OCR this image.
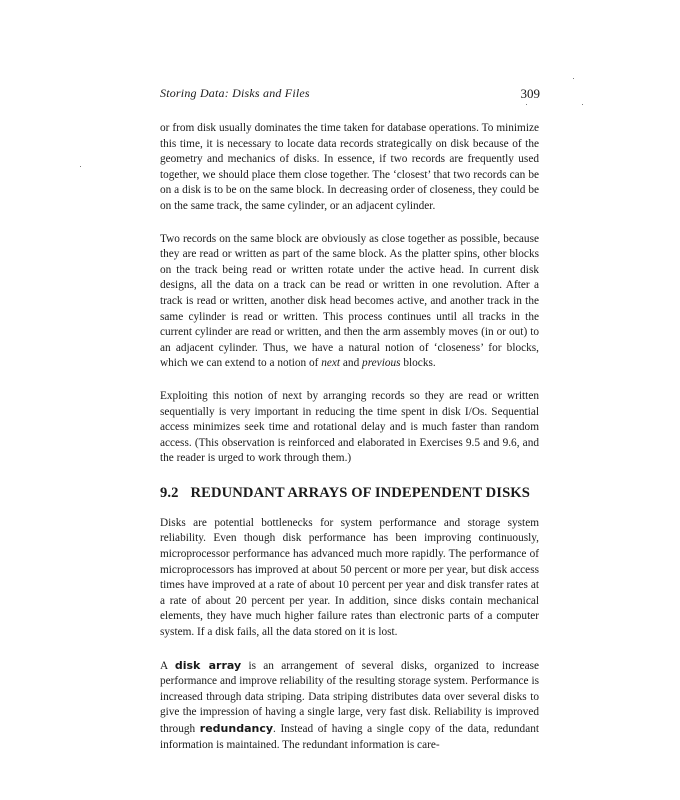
Storing Data: Disks and Files	309

or from disk usually dominates the time taken for database operations. To minimize this time, it is necessary to locate data records strategically on disk because of the geometry and mechanics of disks. In essence, if two records are frequently used together, we should place them close together. The ‘closest’ that two records can be on a disk is to be on the same block. In decreasing order of closeness, they could be on the same track, the same cylinder, or an adjacent cylinder.

Two records on the same block are obviously as close together as possible, because they are read or written as part of the same block. As the platter spins, other blocks on the track being read or written rotate under the active head. In current disk designs, all the data on a track can be read or written in one revolution. After a track is read or written, another disk head becomes active, and another track in the same cylinder is read or written. This process continues until all tracks in the current cylinder are read or written, and then the arm assembly moves (in or out) to an adjacent cylinder. Thus, we have a natural notion of ‘closeness’ for blocks, which we can extend to a notion of next and previous blocks.

Exploiting this notion of next by arranging records so they are read or written sequentially is very important in reducing the time spent in disk I/Os. Sequential access minimizes seek time and rotational delay and is much faster than random access. (This observation is reinforced and elaborated in Exercises 9.5 and 9.6, and the reader is urged to work through them.)

9.2 REDUNDANT ARRAYS OF INDEPENDENT DISKS

Disks are potential bottlenecks for system performance and storage system reliability. Even though disk performance has been improving continuously, microprocessor performance has advanced much more rapidly. The performance of microprocessors has improved at about 50 percent or more per year, but disk access times have improved at a rate of about 10 percent per year and disk transfer rates at a rate of about 20 percent per year. In addition, since disks contain mechanical elements, they have much higher failure rates than electronic parts of a computer system. If a disk fails, all the data stored on it is lost.

A disk array is an arrangement of several disks, organized to increase performance and improve reliability of the resulting storage system. Performance is increased through data striping. Data striping distributes data over several disks to give the impression of having a single large, very fast disk. Reliability is improved through redundancy. Instead of having a single copy of the data, redundant information is maintained. The redundant information is care-
